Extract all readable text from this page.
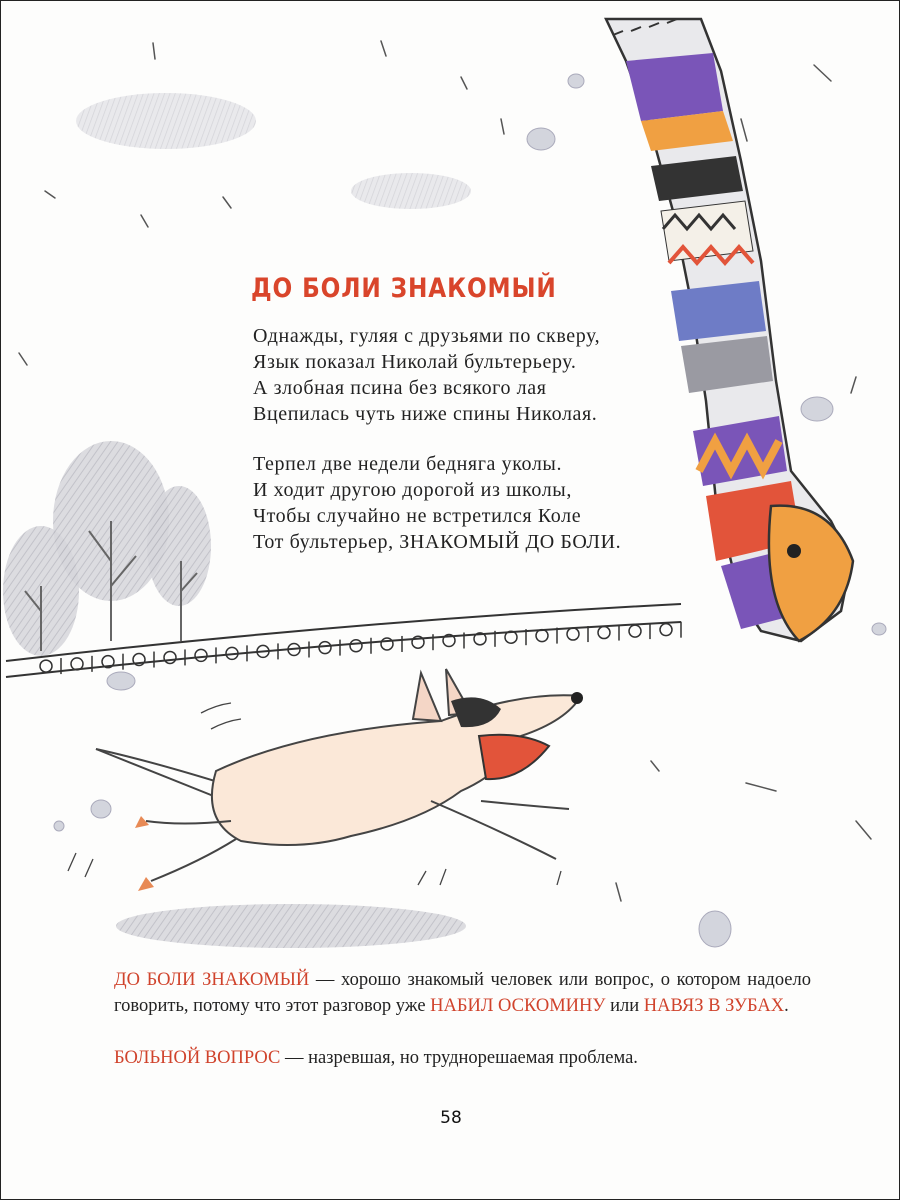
ДО БОЛИ ЗНАКОМЫЙ
Однажды, гуляя с друзьями по скверу,
Язык показал Николай бультерьеру.
А злобная псина без всякого лая
Вцепилась чуть ниже спины Николая.
Терпел две недели бедняга уколы.
И ходит другою дорогой из школы,
Чтобы случайно не встретился Коле
Тот бультерьер, ЗНАКОМЫЙ ДО БОЛИ.

ДО БОЛИ ЗНАКОМЫЙ — хорошо знакомый человек или вопрос, о котором надоело говорить, потому что этот разговор уже НАБИЛ ОСКОМИНУ или НАВЯЗ В ЗУБАХ.

БОЛЬНОЙ ВОПРОС — назревшая, но труднорешаемая проблема.

58
